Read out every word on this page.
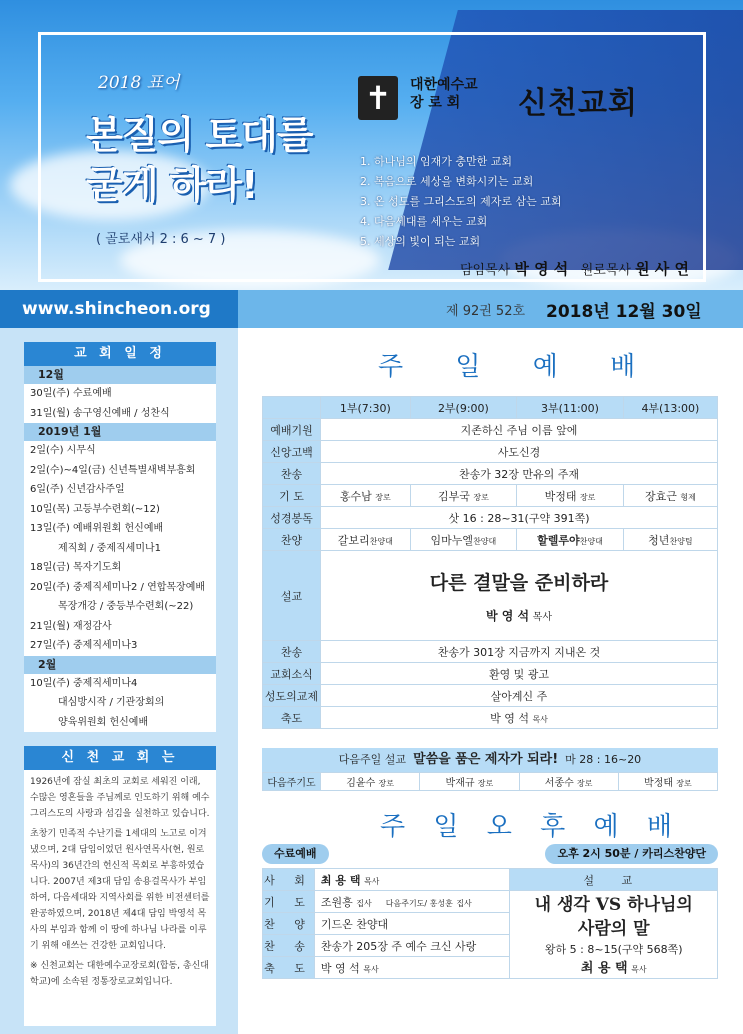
2018 표어
본질의 토대를
굳게 하라!
( 골로새서 2 : 6 ~ 7 )
✝	대한예수교
장 로 회	신천교회
1. 하나님의 임재가 충만한 교회
2. 복음으로 세상을 변화시키는 교회
3. 온 성도를 그리스도의 제자로 삼는 교회
4. 다음세대를 세우는 교회
5. 세상의 빛이 되는 교회
담임목사 박 영 석 원로목사 원 사 연
www.shincheon.org	제 92권 52호 2018년 12월 30일
교 회 일 정
12월
30일(주) 수료예배
31일(월) 송구영신예배 / 성찬식
2019년 1월
2일(수) 시무식
2일(수)~4일(금) 신년특별새벽부흥회
6일(주) 신년감사주일
10일(목) 고등부수련회(~12)
13일(주) 예배위원회 헌신예배
제직회 / 중제직세미나1
18일(금) 목자기도회
20일(주) 중제직세미나2 / 연합목장예배
목장개강 / 중등부수련회(~22)
21일(월) 재정감사
27일(주) 중제직세미나3
2월
10일(주) 중제직세미나4
대심방시작 / 기관장회의
양육위원회 헌신예배
신 천 교 회 는

1926년에 잠실 최초의 교회로 세워진 이래, 수많은 영혼들을 주님께로 인도하기 위해 예수 그리스도의 사랑과 섬김을 실천하고 있습니다.

초창기 민족적 수난기를 1세대의 노고로 이겨냈으며, 2대 담임이었던 원사연목사(현, 원로목사)의 36년간의 헌신적 목회로 부흥하였습니다. 2007년 제3대 담임 송용걸목사가 부임하여, 다음세대와 지역사회를 위한 비전센터를 완공하였으며, 2018년 제4대 담임 박영석 목사의 부임과 함께 이 땅에 하나님 나라를 이루기 위해 애쓰는 건강한 교회입니다.

※ 신천교회는 대한예수교장로회(합동, 총신대학교)에 소속된 정통장로교회입니다.

주 일 예 배
	1부(7:30)	2부(9:00)	3부(11:00)	4부(13:00)
예배기원	지존하신 주님 이름 앞에			
신앙고백	사도신경			
찬송	찬송가 32장 만유의 주재			
기 도	홍수남 장로	김부국 장로	박정태 장로	장효근 형제
성경봉독	삿 16 : 28~31(구약 391쪽)			
찬양	갈보리찬양대	임마누엘찬양대	할렐루야찬양대	청년찬양팀
설교	다른 결말을 준비하라
박 영 석 목사			

찬송	찬송가 301장 지금까지 지내온 것			
교회소식	환영 및 광고			
성도의교제	살아계신 주			
축도	박 영 석 목사			
다음주일 설교 말씀을 품은 제자가 되라! 마 28 : 16~20
다음주기도	김윤수 장로	박재규 장로	서종수 장로	박정태 장로
주 일 오 후 예 배
수료예배	오후 2시 50분 / 카리스찬양단
사 회	최 용 택 목사	설 교
기 도	조원흥 집사 다음주기도/ 홍성훈 집사	내 생각 VS 하나님의
사람의 말
왕하 5 : 8~15(구약 568쪽)
최 용 택 목사

찬 양	기드온 찬양대	
찬 송	찬송가 205장 주 예수 크신 사랑	
축 도	박 영 석 목사	
